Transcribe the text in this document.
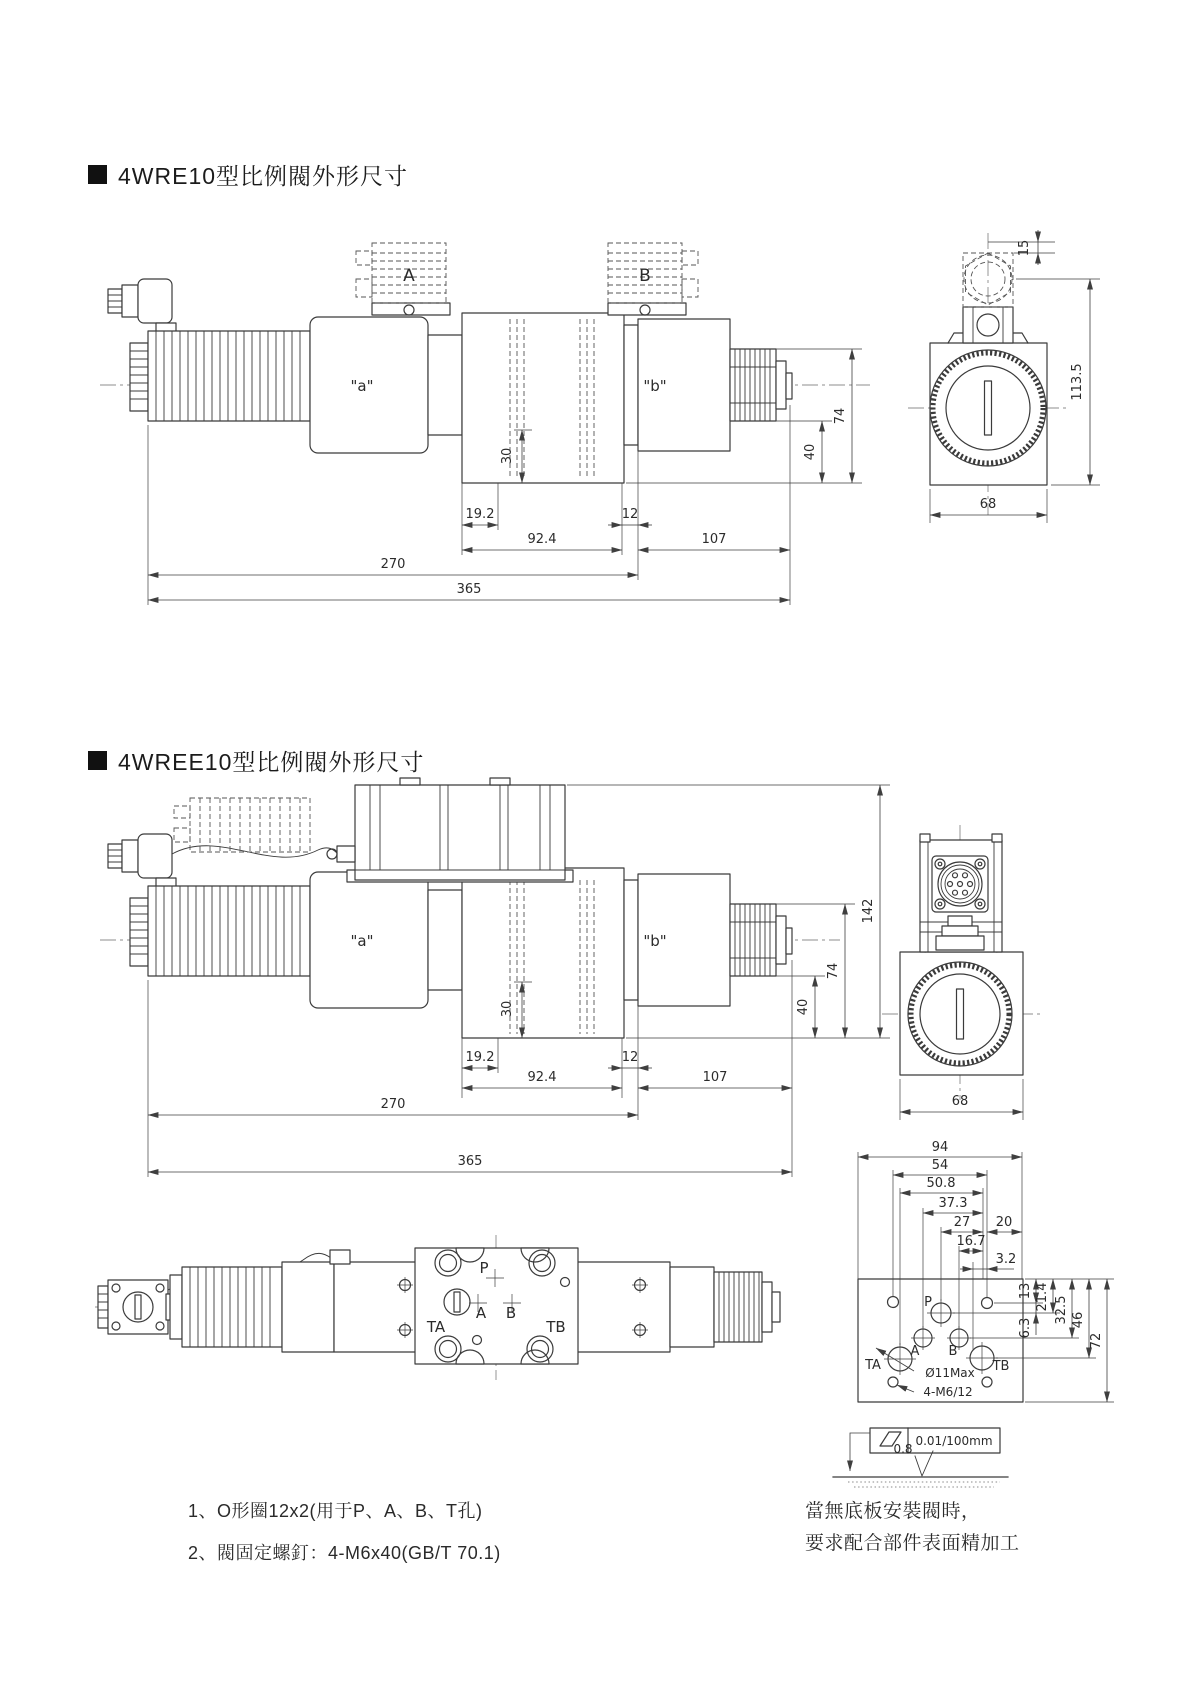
4WRE10型比例閥外形尺寸
A	B
"a"	"b"
30
19.2	12
92.4	107
270
365
40
74
15
113.5
68
4WREE10型比例閥外形尺寸
"a"	"b"
30
19.2	12
92.4	107
270
365
40
74
142
68
P
A B
TA	TB
P
A B
TA	TB
Ø11Max
4-M6/12
94
54
50.8
37.3
27 20
16.7
3.2
13
6.3
21.4 32.5 46
72
0.01/100mm
0.8
1、O形圈12x2(用于P、A、B、T孔)
2、閥固定螺釘：4-M6x40(GB/T 70.1)
當無底板安裝閥時，
要求配合部件表面精加工
